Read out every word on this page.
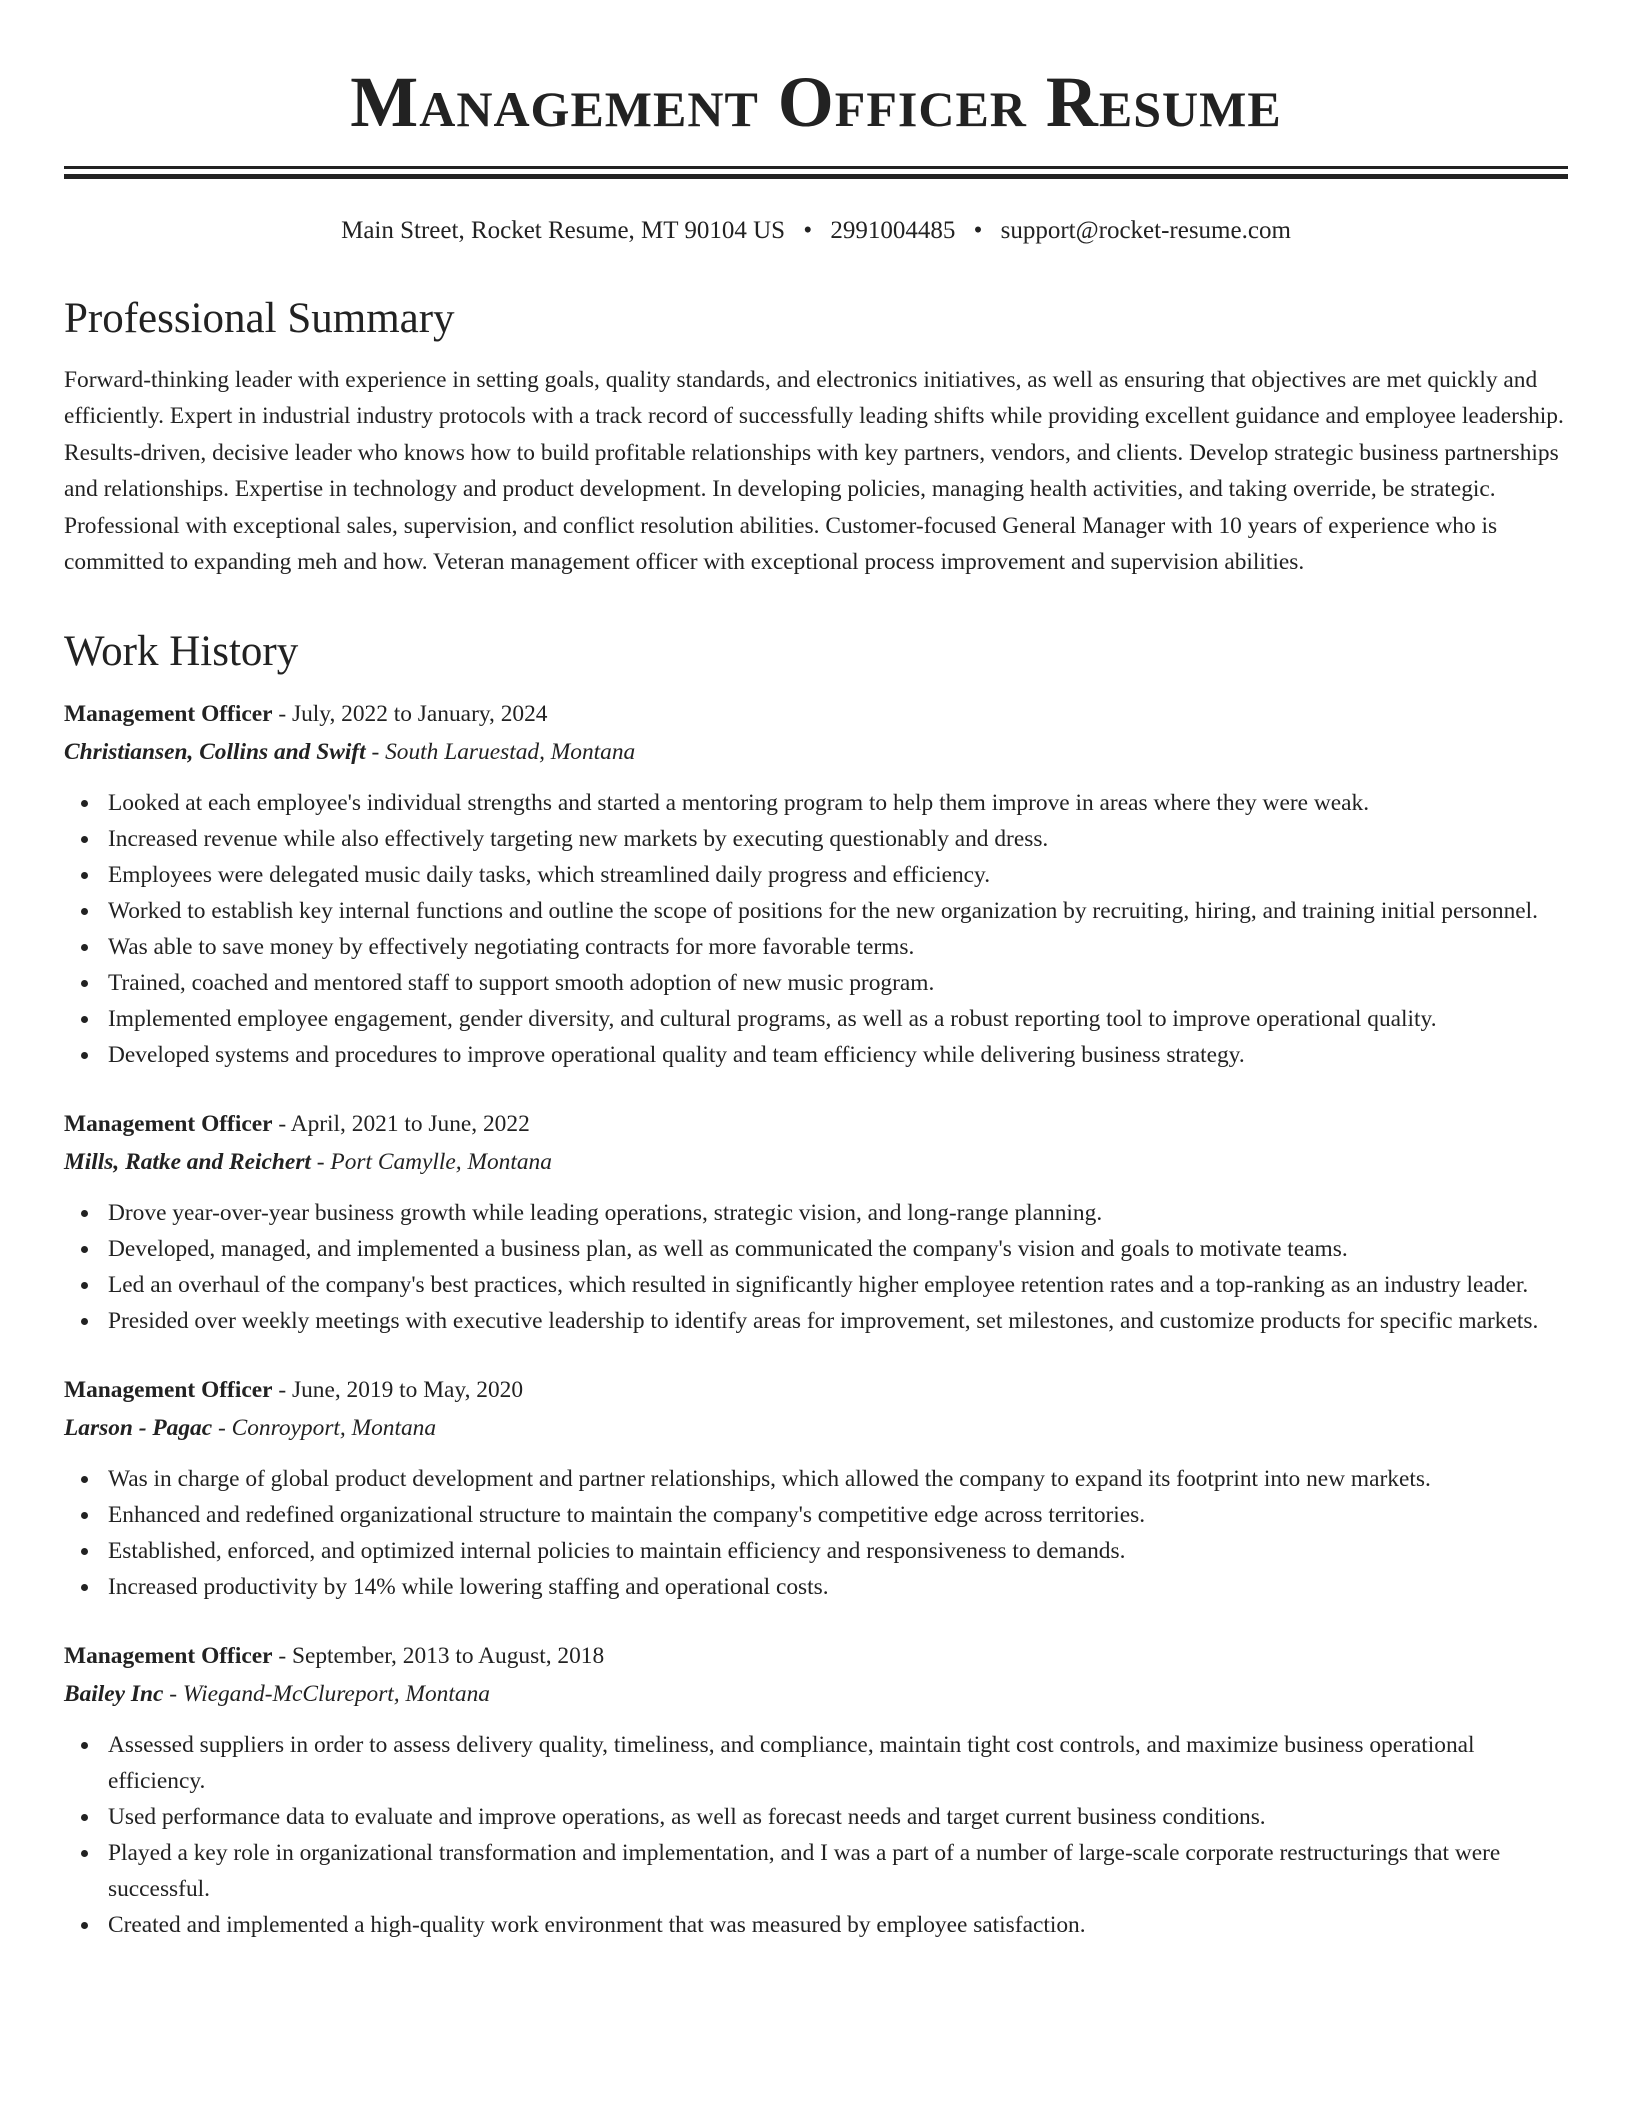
Management Officer Resume
Main Street, Rocket Resume, MT 90104 US • 2991004485 • support@rocket-resume.com
Professional Summary

Forward-thinking leader with experience in setting goals, quality standards, and electronics initiatives, as well as ensuring that objectives are met quickly and efficiently. Expert in industrial industry protocols with a track record of successfully leading shifts while providing excellent guidance and employee leadership. Results-driven, decisive leader who knows how to build profitable relationships with key partners, vendors, and clients. Develop strategic business partnerships and relationships. Expertise in technology and product development. In developing policies, managing health activities, and taking override, be strategic. Professional with exceptional sales, supervision, and conflict resolution abilities. Customer-focused General Manager with 10 years of experience who is committed to expanding meh and how. Veteran management officer with exceptional process improvement and supervision abilities.

Work History
Management Officer - July, 2022 to January, 2024
Christiansen, Collins and Swift - South Laruestad, Montana
Looked at each employee's individual strengths and started a mentoring program to help them improve in areas where they were weak.
Increased revenue while also effectively targeting new markets by executing questionably and dress.
Employees were delegated music daily tasks, which streamlined daily progress and efficiency.
Worked to establish key internal functions and outline the scope of positions for the new organization by recruiting, hiring, and training initial personnel.
Was able to save money by effectively negotiating contracts for more favorable terms.
Trained, coached and mentored staff to support smooth adoption of new music program.
Implemented employee engagement, gender diversity, and cultural programs, as well as a robust reporting tool to improve operational quality.
Developed systems and procedures to improve operational quality and team efficiency while delivering business strategy.
Management Officer - April, 2021 to June, 2022
Mills, Ratke and Reichert - Port Camylle, Montana
Drove year-over-year business growth while leading operations, strategic vision, and long-range planning.
Developed, managed, and implemented a business plan, as well as communicated the company's vision and goals to motivate teams.
Led an overhaul of the company's best practices, which resulted in significantly higher employee retention rates and a top-ranking as an industry leader.
Presided over weekly meetings with executive leadership to identify areas for improvement, set milestones, and customize products for specific markets.
Management Officer - June, 2019 to May, 2020
Larson - Pagac - Conroyport, Montana
Was in charge of global product development and partner relationships, which allowed the company to expand its footprint into new markets.
Enhanced and redefined organizational structure to maintain the company's competitive edge across territories.
Established, enforced, and optimized internal policies to maintain efficiency and responsiveness to demands.
Increased productivity by 14% while lowering staffing and operational costs.
Management Officer - September, 2013 to August, 2018
Bailey Inc - Wiegand-McClureport, Montana
Assessed suppliers in order to assess delivery quality, timeliness, and compliance, maintain tight cost controls, and maximize business operational efficiency.
Used performance data to evaluate and improve operations, as well as forecast needs and target current business conditions.
Played a key role in organizational transformation and implementation, and I was a part of a number of large-scale corporate restructurings that were successful.
Created and implemented a high-quality work environment that was measured by employee satisfaction.
